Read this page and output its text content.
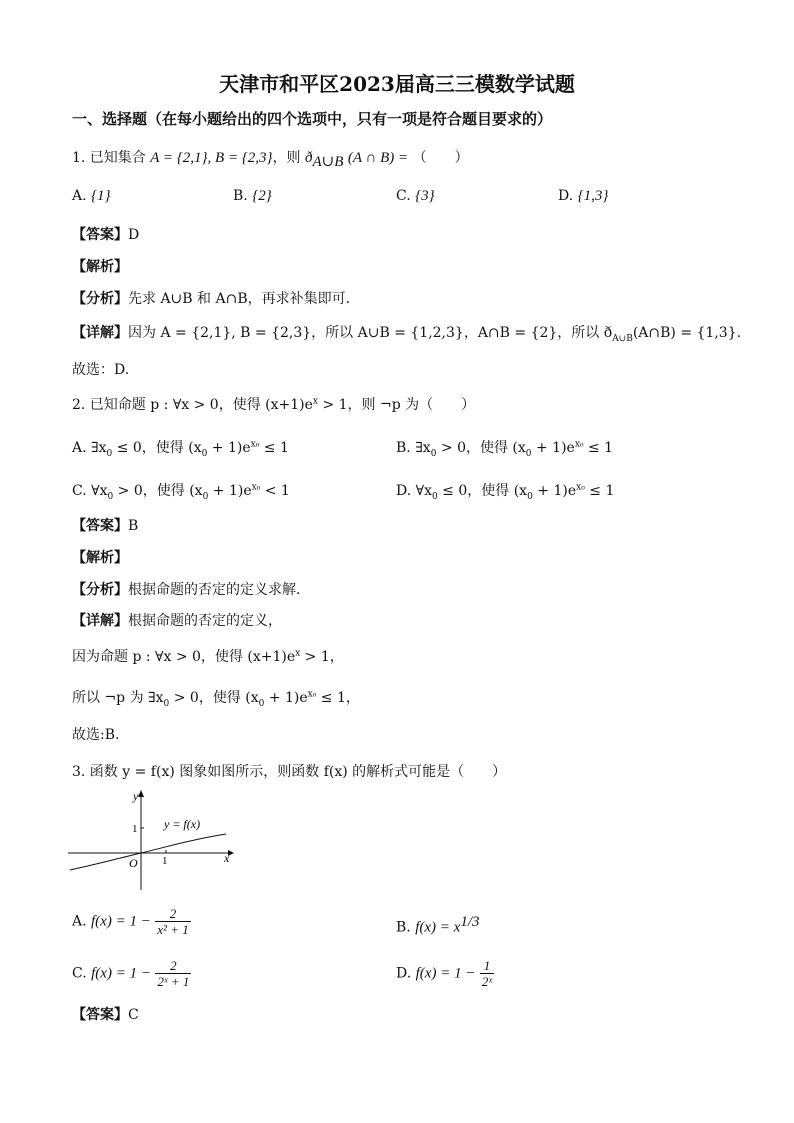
天津市和平区2023届高三三模数学试题
一、选择题（在每小题给出的四个选项中，只有一项是符合题目要求的）
1. 已知集合 A = {2,1}, B = {2,3}，则 $ð_{A\cup B}$ (A ∩ B) = （　　）
A. {1}	B. {2}	C. {3}	D. {1,3}
【答案】D
【解析】
【分析】先求 A∪B 和 A∩B，再求补集即可.
【详解】因为 A = {2,1}, B = {2,3}，所以 A∪B = {1,2,3}，A∩B = {2}，所以 $ð_{A\cup B}(A\cap B) = \{1,3\}$.
故选：D.
2. 已知命题 p : ∀x > 0，使得 $(x+1)e^x > 1$，则 ¬p 为（　　）
A. $\exists x_0 \le 0$，使得 $(x_0 + 1)e^{x_0} \le 1$	B. $\exists x_0 > 0$，使得 $(x_0 + 1)e^{x_0} \le 1$
C. $\forall x_0 > 0$，使得 $(x_0 + 1)e^{x_0} < 1$	D. $\forall x_0 \le 0$，使得 $(x_0 + 1)e^{x_0} \le 1$
【答案】B
【解析】
【分析】根据命题的否定的定义求解.
【详解】根据命题的否定的定义，
因为命题 p : ∀x > 0，使得 $(x+1)e^x > 1$，
所以 ¬p 为 $\exists x_0 > 0$，使得 $(x_0 + 1)e^{x_0} \le 1$，
故选:B.
3. 函数 y = f(x) 图象如图所示，则函数 f(x) 的解析式可能是（　　）
y
x
O 1
1 y = f(x)
A. $f(x) = 1 - \frac{2}{\text{x² + 1}}$	B. $f(x) = x^{1/3}$
C. $f(x) = 1 - \frac{2}{\text{2ˣ + 1}}$	D. $f(x) = 1 - \frac{1}{\text{2ˣ}}$
【答案】C
